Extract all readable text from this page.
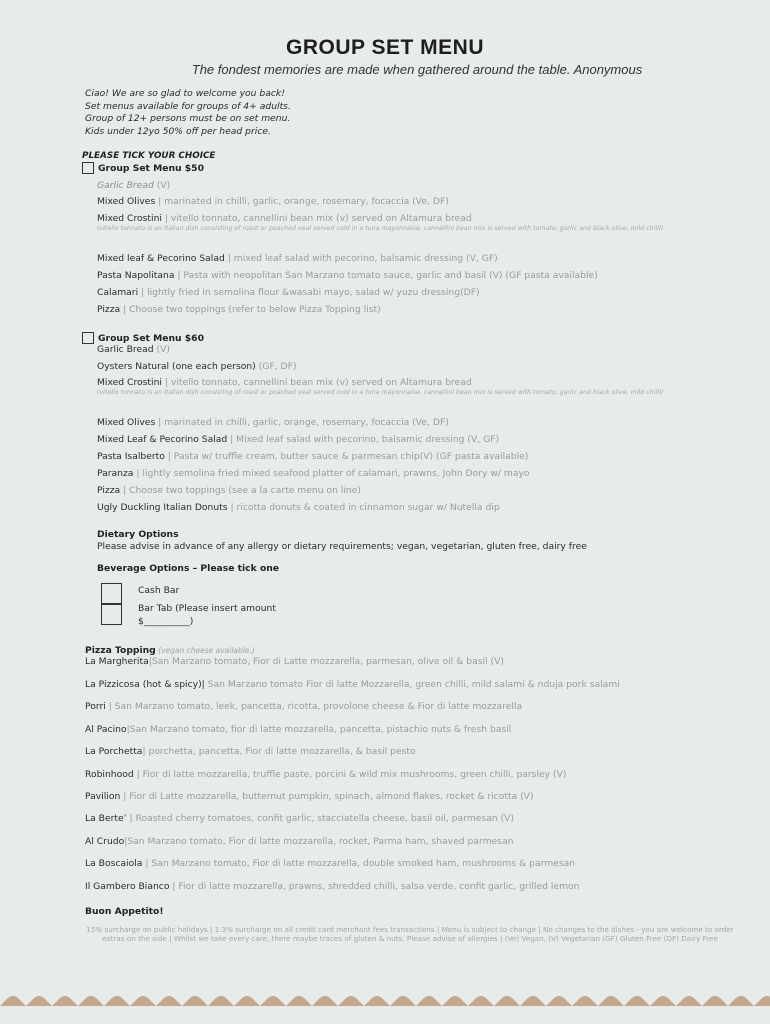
GROUP SET MENU
The fondest memories are made when gathered around the table. Anonymous
Ciao! We are so glad to welcome you back!
Set menus available for groups of 4+ adults.
Group of 12+ persons must be on set menu.
Kids under 12yo 50% off per head price.
PLEASE TICK YOUR CHOICE
Group Set Menu $50
Garlic Bread (V)
Mixed Olives | marinated in chilli, garlic, orange, rosemary, focaccia (Ve, DF)
Mixed Crostini | vitello tonnato, cannellini bean mix (v) served on Altamura bread
(vitello tonnato is an Italian dish consisting of roast or poached veal served cold in a tuna mayonnaise, cannellini bean mix is served with tomato, garlic and black olive, mild chilli)
Mixed leaf & Pecorino Salad | mixed leaf salad with pecorino, balsamic dressing (V, GF)
Pasta Napolitana | Pasta with neopolitan San Marzano tomato sauce, garlic and basil (V) (GF pasta available)
Calamari | lightly fried in semolina flour &wasabi mayo, salad w/ yuzu dressing(DF)
Pizza | Choose two toppings (refer to below Pizza Topping list)
Group Set Menu $60
Garlic Bread (V)
Oysters Natural (one each person) (GF, DF)
Mixed Crostini | vitello tonnato, cannellini bean mix (v) served on Altamura bread
(vitello tonnato is an Italian dish consisting of roast or poached veal served cold in a tuna mayonnaise, cannellini bean mix is served with tomato, garlic and black olive, mild chilli)
Mixed Olives | marinated in chilli, garlic, orange, rosemary, focaccia (Ve, DF)
Mixed Leaf & Pecorino Salad | Mixed leaf salad with pecorino, balsamic dressing (V, GF)
Pasta Isalberto | Pasta w/ truffle cream, butter sauce & parmesan chip(V) (GF pasta available)
Paranza | lightly semolina fried mixed seafood platter of calamari, prawns, John Dory w/ mayo
Pizza | Choose two toppings (see a la carte menu on line)
Ugly Duckling Italian Donuts | ricotta donuts & coated in cinnamon sugar w/ Nutella dip
Dietary Options
Please advise in advance of any allergy or dietary requirements; vegan, vegetarian, gluten free, dairy free
Beverage Options – Please tick one
Cash Bar
Bar Tab (Please insert amount
$__________)
Pizza Topping (vegan cheese available.)
La Margherita|San Marzano tomato, Fior di Latte mozzarella, parmesan, olive oil & basil (V)
La Pizzicosa (hot & spicy)| San Marzano tomato Fior di latte Mozzarella, green chilli, mild salami & nduja pork salami
Porri | San Marzano tomato, leek, pancetta, ricotta, provolone cheese & Fior di latte mozzarella
Al Pacino|San Marzano tomato, fior di latte mozzarella, pancetta, pistachio nuts & fresh basil
La Porchetta| porchetta, pancetta, Fior di latte mozzarella, & basil pesto
Robinhood | Fior di latte mozzarella, truffle paste, porcini & wild mix mushrooms, green chilli, parsley (V)
Pavilion | Fior di Latte mozzarella, butternut pumpkin, spinach, almond flakes, rocket & ricotta (V)
La Berte’ | Roasted cherry tomatoes, confit garlic, stacciatella cheese, basil oil, parmesan (V)
Al Crudo|San Marzano tomato, Fior di latte mozzarella, rocket, Parma ham, shaved parmesan
La Boscaiola | San Marzano tomato, Fior di latte mozzarella, double smoked ham, mushrooms & parmesan
Il Gambero Bianco | Fior di latte mozzarella, prawns, shredded chilli, salsa verde, confit garlic, grilled lemon
Buon Appetito!
15% surcharge on public holidays | 1.3% surcharge on all credit card merchant fees transactions | Menu is subject to change | No changes to the dishes - you are welcome to order extras on the side | Whilst we take every care, there maybe traces of gluten & nuts. Please advise of allergies | (Ve) Vegan, (V) Vegetarian (GF) Gluten Free (DF) Dairy Free
